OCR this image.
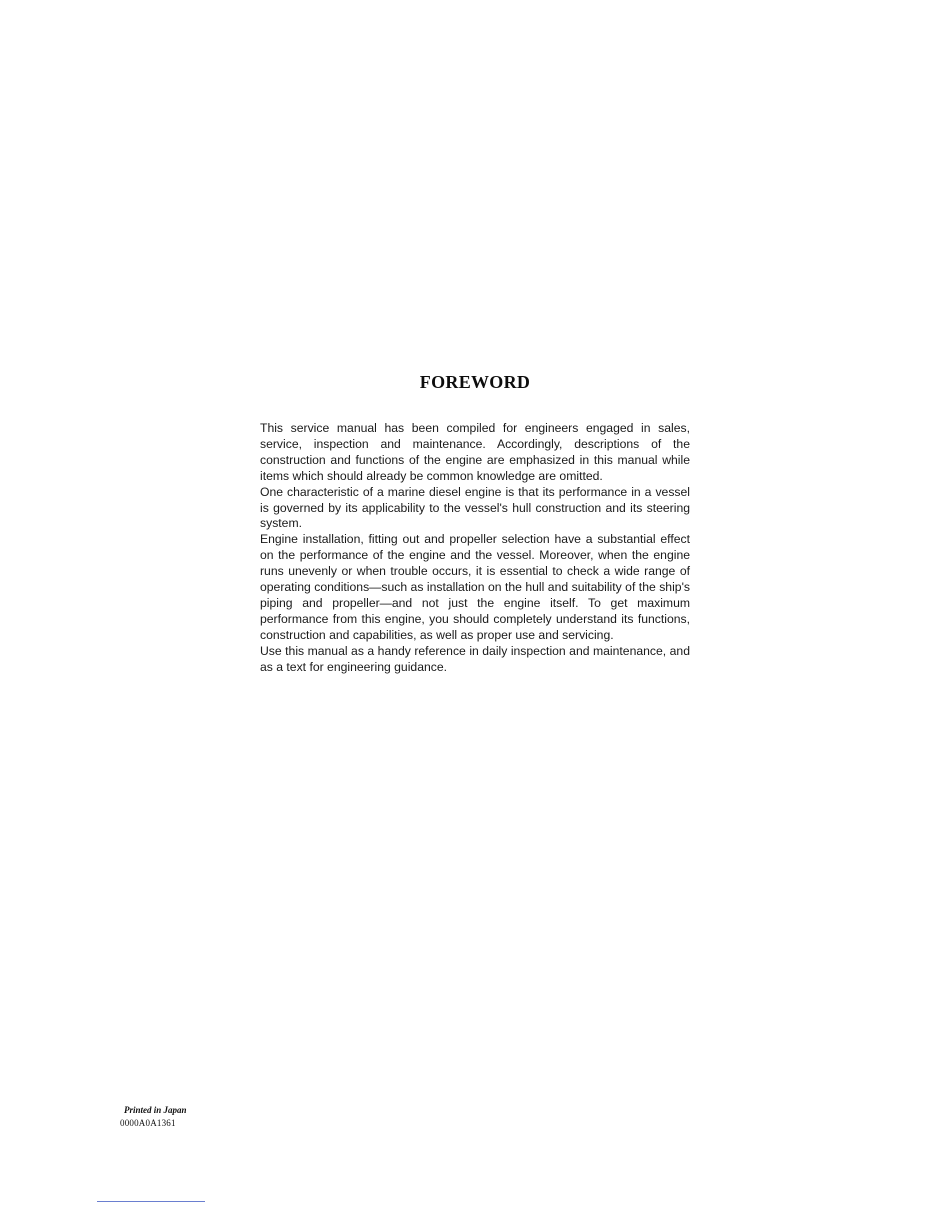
FOREWORD

This service manual has been compiled for engineers engaged in sales, service, inspection and maintenance. Accordingly, descriptions of the construction and functions of the engine are emphasized in this manual while items which should already be common knowledge are omitted.

One characteristic of a marine diesel engine is that its performance in a vessel is governed by its applicability to the vessel's hull construction and its steering system.

Engine installation, fitting out and propeller selection have a substantial effect on the performance of the engine and the vessel. Moreover, when the engine runs unevenly or when trouble occurs, it is essential to check a wide range of operating conditions—such as installation on the hull and suitability of the ship's piping and propeller—and not just the engine itself. To get maximum performance from this engine, you should completely understand its functions, construction and capabilities, as well as proper use and servicing.

Use this manual as a handy reference in daily inspection and maintenance, and as a text for engineering guidance.

Printed in Japan
0000A0A1361
